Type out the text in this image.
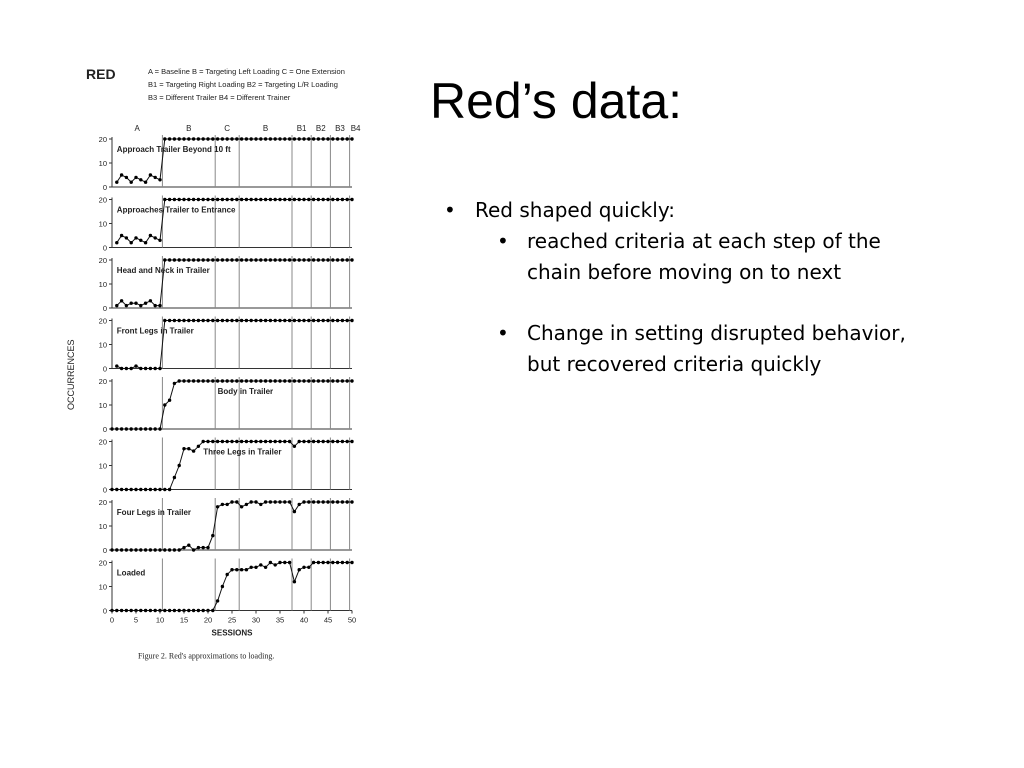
Red’s data:
• Red shaped quickly:
• reached criteria at each step of the chain before moving on to next
• Change in setting disrupted behavior, but recovered criteria quickly
RED	A = Baseline B = Targeting Left Loading C = One Extension
B1 = Targeting Right Loading B2 = Targeting L/R Loading
B3 = Different Trailer B4 = Different Trainer
A	B	C	B	B1 B2 B3 B4
0
10
20
Approach Trailer Beyond 10 ft
0
10
20
Approaches Trailer to Entrance
0
10
20
Head and Neck in Trailer
0
10
20
Front Legs in Trailer
0
10
20
Body in Trailer
0
10
20
Three Legs in Trailer
0
10
20
Four Legs in Trailer
0
10
20
Loaded
0	5 10 15 20 25 30 35 40 45 50
SESSIONS
OCCURRENCES
Figure 2. Red's approximations to loading.
